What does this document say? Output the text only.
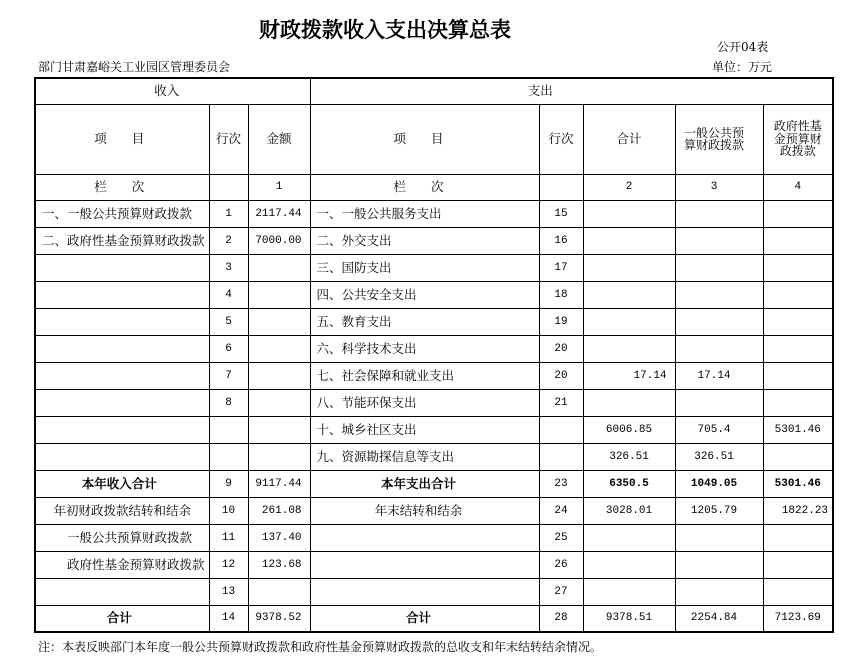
财政拨款收入支出决算总表
公开04表
部门甘肃嘉峪关工业园区管理委员会	单位：万元
收入			支出				
项　　目	行次	金额	项　　目	行次	合计	一般公共预算财政拨款	政府性基金预算财政拨款
栏　　次		1	栏　　次		2	3	4
一、一般公共预算财政拨款	1	2117.44	一、一般公共服务支出	15			
二、政府性基金预算财政拨款	2	7000.00	二、外交支出	16			
	3		三、国防支出	17			
	4		四、公共安全支出	18			
	5		五、教育支出	19			
	6		六、科学技术支出	20			
	7		七、社会保障和就业支出	20	17.14	17.14	
	8		八、节能环保支出	21			
			十、城乡社区支出		6006.85	705.4	5301.46
			九、资源勘探信息等支出		326.51	326.51	
本年收入合计	9	9117.44	本年支出合计	23	6350.5	1049.05	5301.46
年初财政拨款结转和结余	10	261.08	年末结转和结余	24	3028.01	1205.79	1822.23
一般公共预算财政拨款	11	137.40		25			
政府性基金预算财政拨款	12	123.68		26			
	13			27			
合计	14	9378.52	合计	28	9378.51	2254.84	7123.69
注：本表反映部门本年度一般公共预算财政拨款和政府性基金预算财政拨款的总收支和年末结转结余情况。
